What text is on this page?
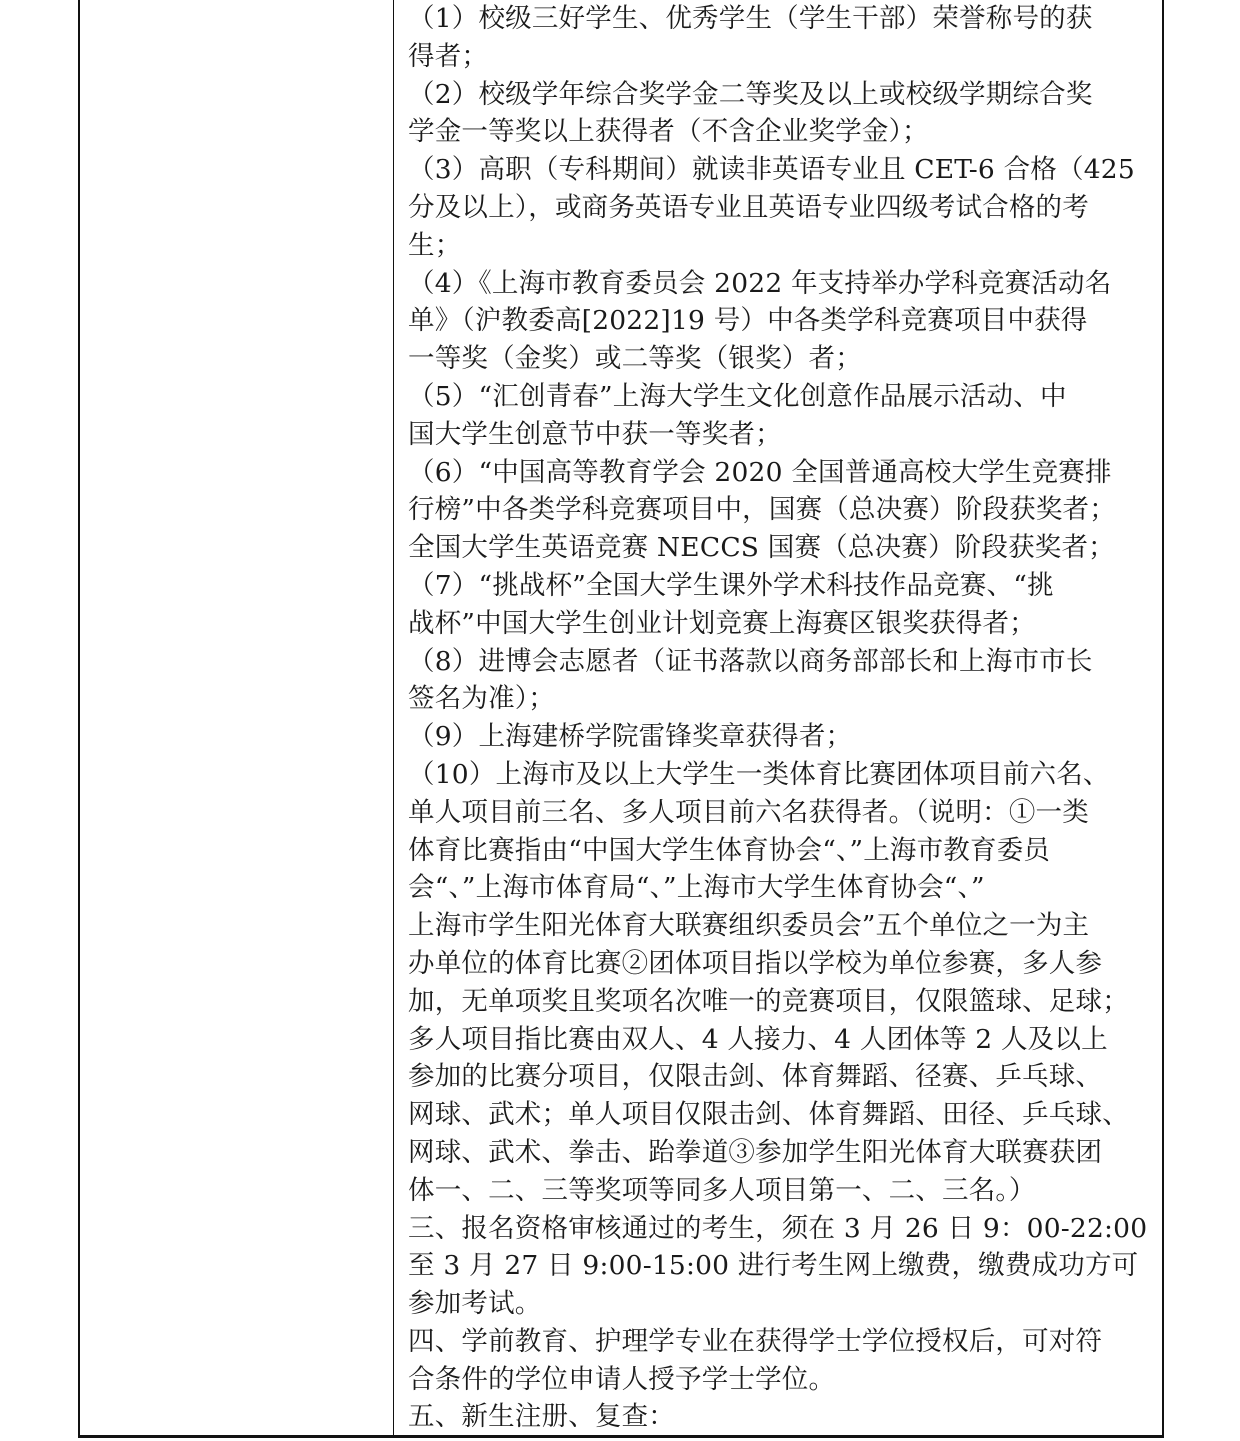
（1）校级三好学生、优秀学生（学生干部）荣誉称号的获
得者；
（2）校级学年综合奖学金二等奖及以上或校级学期综合奖
学金一等奖以上获得者（不含企业奖学金）；
（3）高职（专科期间）就读非英语专业且 CET-6 合格（425
分及以上），或商务英语专业且英语专业四级考试合格的考
生；
（4）《上海市教育委员会 2022 年支持举办学科竞赛活动名
单》（沪教委高[2022]19 号）中各类学科竞赛项目中获得
一等奖（金奖）或二等奖（银奖）者；
（5）“汇创青春”上海大学生文化创意作品展示活动、中
国大学生创意节中获一等奖者；
（6）“中国高等教育学会 2020 全国普通高校大学生竞赛排
行榜”中各类学科竞赛项目中，国赛（总决赛）阶段获奖者；
全国大学生英语竞赛 NECCS 国赛（总决赛）阶段获奖者；
（7）“挑战杯”全国大学生课外学术科技作品竞赛、“挑
战杯”中国大学生创业计划竞赛上海赛区银奖获得者；
（8）进博会志愿者（证书落款以商务部部长和上海市市长
签名为准）；
（9）上海建桥学院雷锋奖章获得者；
（10）上海市及以上大学生一类体育比赛团体项目前六名、
单人项目前三名、多人项目前六名获得者。（说明：①一类
体育比赛指由“中国大学生体育协会“、”上海市教育委员
会“、”上海市体育局“、”上海市大学生体育协会“、”
上海市学生阳光体育大联赛组织委员会”五个单位之一为主
办单位的体育比赛②团体项目指以学校为单位参赛，多人参
加，无单项奖且奖项名次唯一的竞赛项目，仅限篮球、足球；
多人项目指比赛由双人、4 人接力、4 人团体等 2 人及以上
参加的比赛分项目，仅限击剑、体育舞蹈、径赛、乒乓球、
网球、武术；单人项目仅限击剑、体育舞蹈、田径、乒乓球、
网球、武术、拳击、跆拳道③参加学生阳光体育大联赛获团
体一、二、三等奖项等同多人项目第一、二、三名。）
三、报名资格审核通过的考生，须在 3 月 26 日 9：00-22:00
至 3 月 27 日 9:00-15:00 进行考生网上缴费，缴费成功方可
参加考试。
四、学前教育、护理学专业在获得学士学位授权后，可对符
合条件的学位申请人授予学士学位。
五、新生注册、复查：
